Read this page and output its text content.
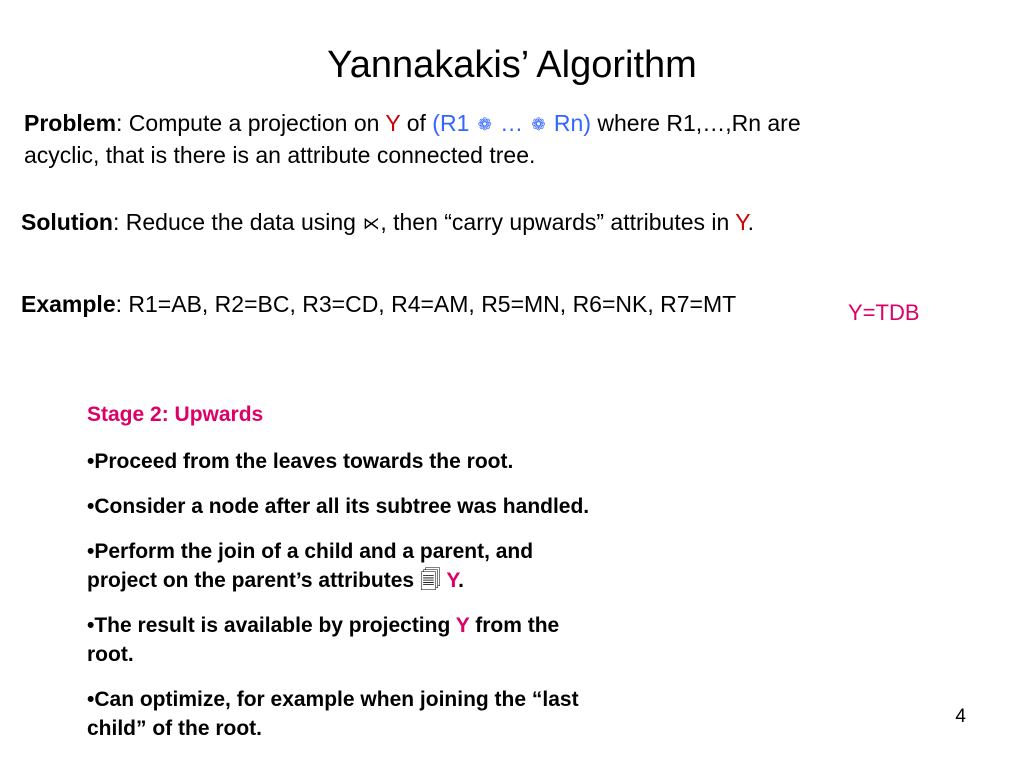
Yannakakis’ Algorithm
Problem: Compute a projection on Y of (R1 ❁ … ❁ Rn) where R1,…,Rn are
acyclic, that is there is an attribute connected tree.
Solution: Reduce the data using ⋉, then “carry upwards” attributes in Y.
Example: R1=AB, R2=BC, R3=CD, R4=AM, R5=MN, R6=NK, R7=MT	Y=TDB
Stage 2: Upwards
•Proceed from the leaves towards the root.
•Consider a node after all its subtree was handled.
•Perform the join of a child and a parent, and
project on the parent’s attributes 🗐 Y.
•The result is available by projecting Y from the
root.
•Can optimize, for example when joining the “last
child” of the root.
4
